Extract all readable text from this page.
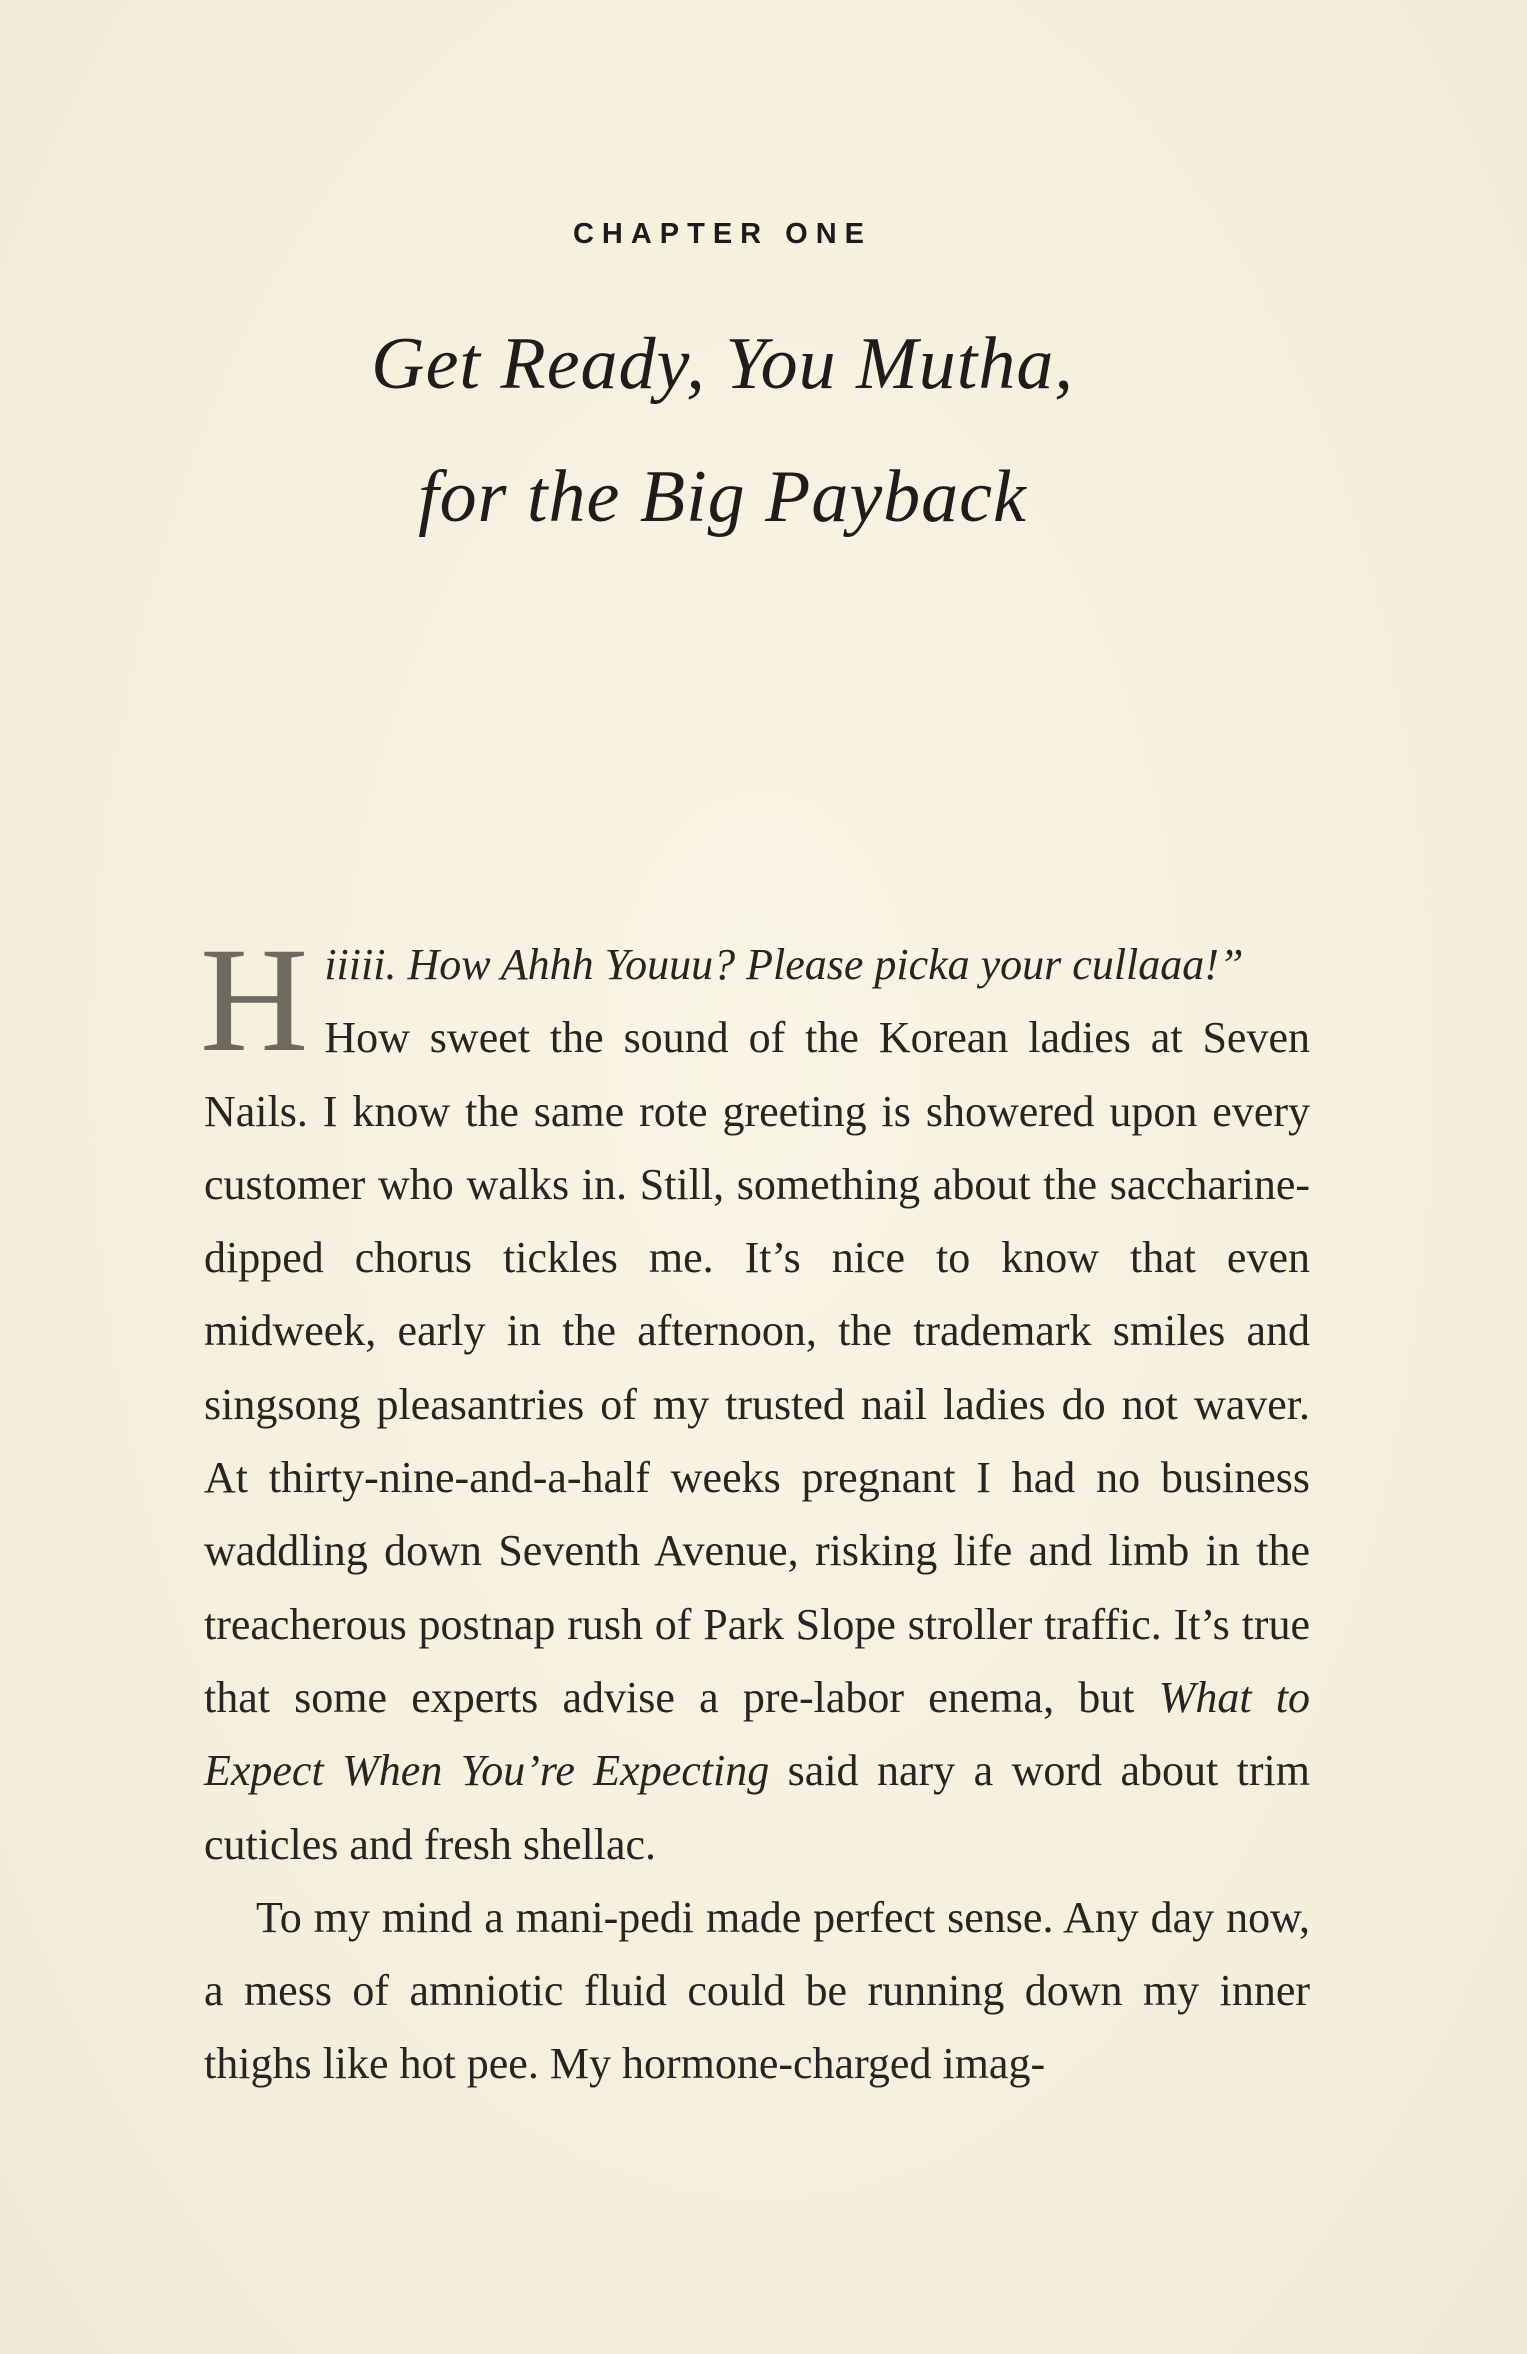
CHAPTER ONE
Get Ready, You Mutha,
for the Big Payback

Hiiiii. How Ahhh Youuu? Please picka your cullaaa!”
How sweet the sound of the Korean ladies at Seven Nails. I know the same rote greeting is showered upon every customer who walks in. Still, something about the saccharine-dipped chorus tickles me. It’s nice to know that even midweek, early in the afternoon, the trademark smiles and singsong pleasantries of my trusted nail ladies do not waver. At thirty-nine-and-a-half weeks pregnant I had no business waddling down Seventh Avenue, risking life and limb in the treacherous postnap rush of Park Slope stroller traffic. It’s true that some experts advise a pre-labor enema, but What to Expect When You’re Expecting said nary a word about trim cuticles and fresh shellac.

To my mind a mani-pedi made perfect sense. Any day now, a mess of amniotic fluid could be running down my inner thighs like hot pee. My hormone-charged imag-
